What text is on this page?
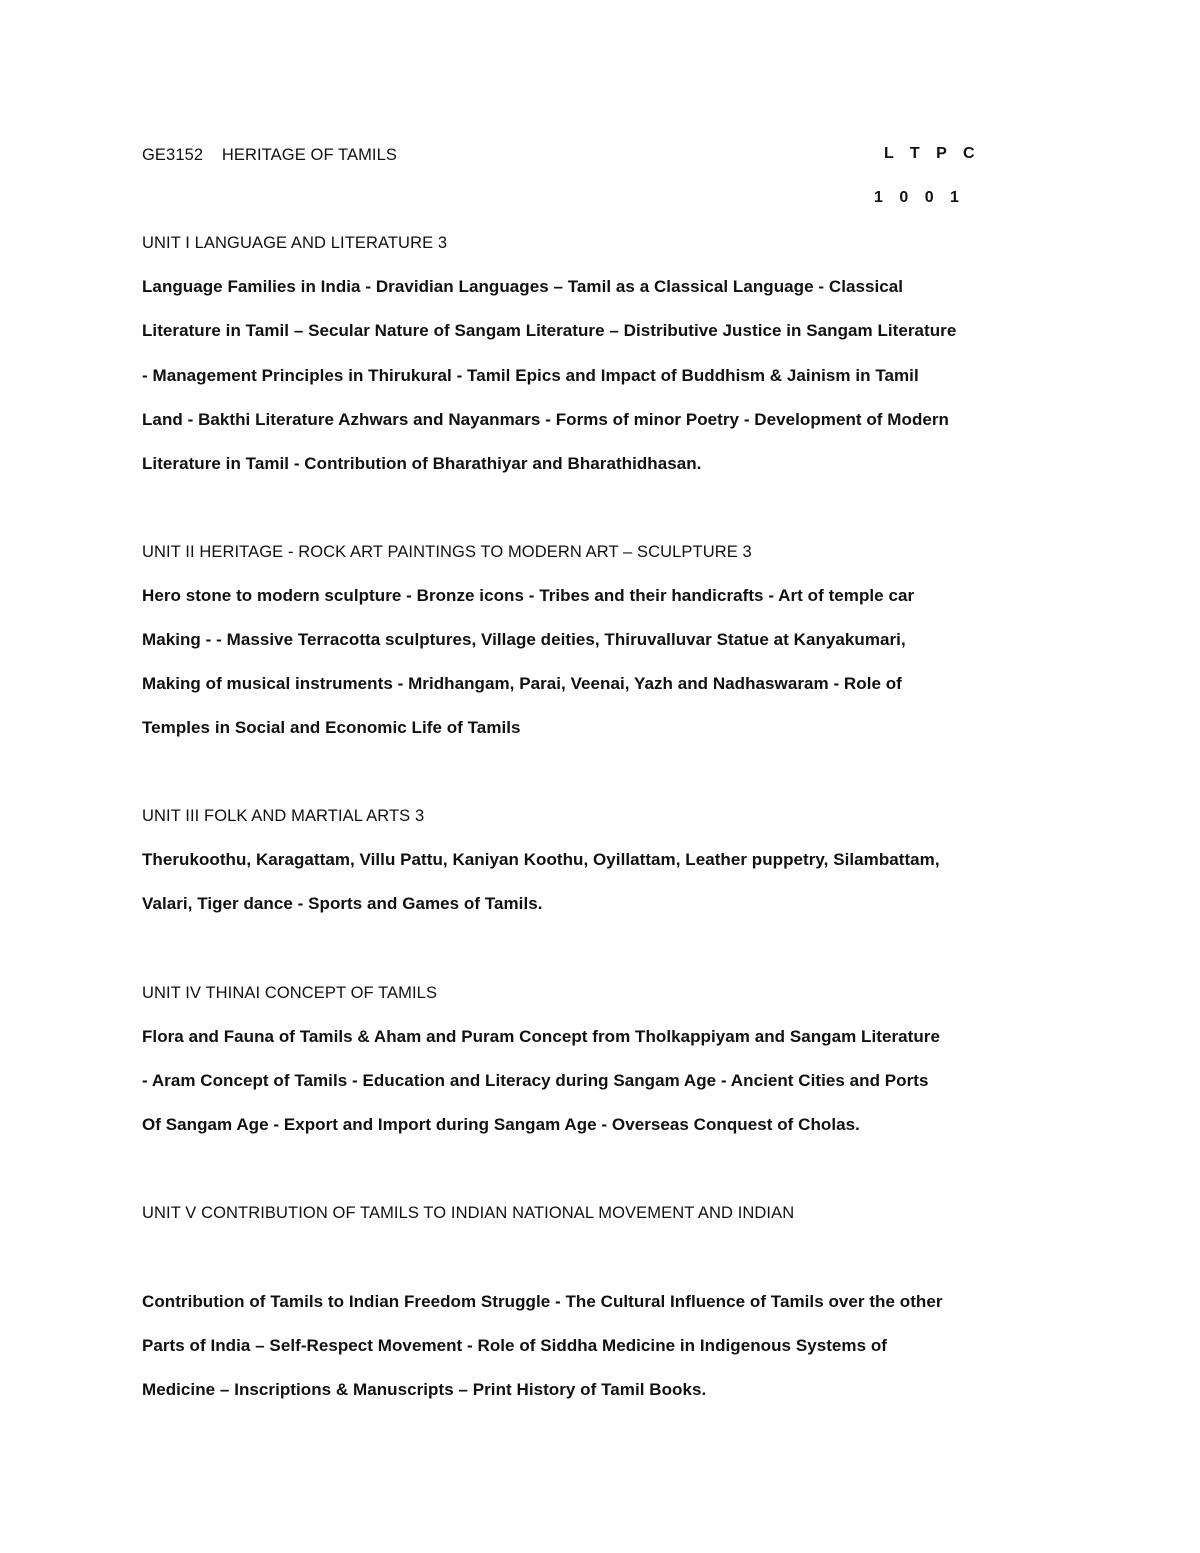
GE3152 HERITAGE OF TAMILS	L T P C
1 0 0 1
UNIT I LANGUAGE AND LITERATURE 3
Language Families in India - Dravidian Languages – Tamil as a Classical Language - Classical
Literature in Tamil – Secular Nature of Sangam Literature – Distributive Justice in Sangam Literature
- Management Principles in Thirukural - Tamil Epics and Impact of Buddhism & Jainism in Tamil
Land - Bakthi Literature Azhwars and Nayanmars - Forms of minor Poetry - Development of Modern
Literature in Tamil - Contribution of Bharathiyar and Bharathidhasan.
UNIT II HERITAGE - ROCK ART PAINTINGS TO MODERN ART – SCULPTURE 3
Hero stone to modern sculpture - Bronze icons - Tribes and their handicrafts - Art of temple car
Making - - Massive Terracotta sculptures, Village deities, Thiruvalluvar Statue at Kanyakumari,
Making of musical instruments - Mridhangam, Parai, Veenai, Yazh and Nadhaswaram - Role of
Temples in Social and Economic Life of Tamils
UNIT III FOLK AND MARTIAL ARTS 3
Therukoothu, Karagattam, Villu Pattu, Kaniyan Koothu, Oyillattam, Leather puppetry, Silambattam,
Valari, Tiger dance - Sports and Games of Tamils.
UNIT IV THINAI CONCEPT OF TAMILS
Flora and Fauna of Tamils & Aham and Puram Concept from Tholkappiyam and Sangam Literature
- Aram Concept of Tamils - Education and Literacy during Sangam Age - Ancient Cities and Ports
Of Sangam Age - Export and Import during Sangam Age - Overseas Conquest of Cholas.
UNIT V CONTRIBUTION OF TAMILS TO INDIAN NATIONAL MOVEMENT AND INDIAN
Contribution of Tamils to Indian Freedom Struggle - The Cultural Influence of Tamils over the other
Parts of India – Self-Respect Movement - Role of Siddha Medicine in Indigenous Systems of
Medicine – Inscriptions & Manuscripts – Print History of Tamil Books.
